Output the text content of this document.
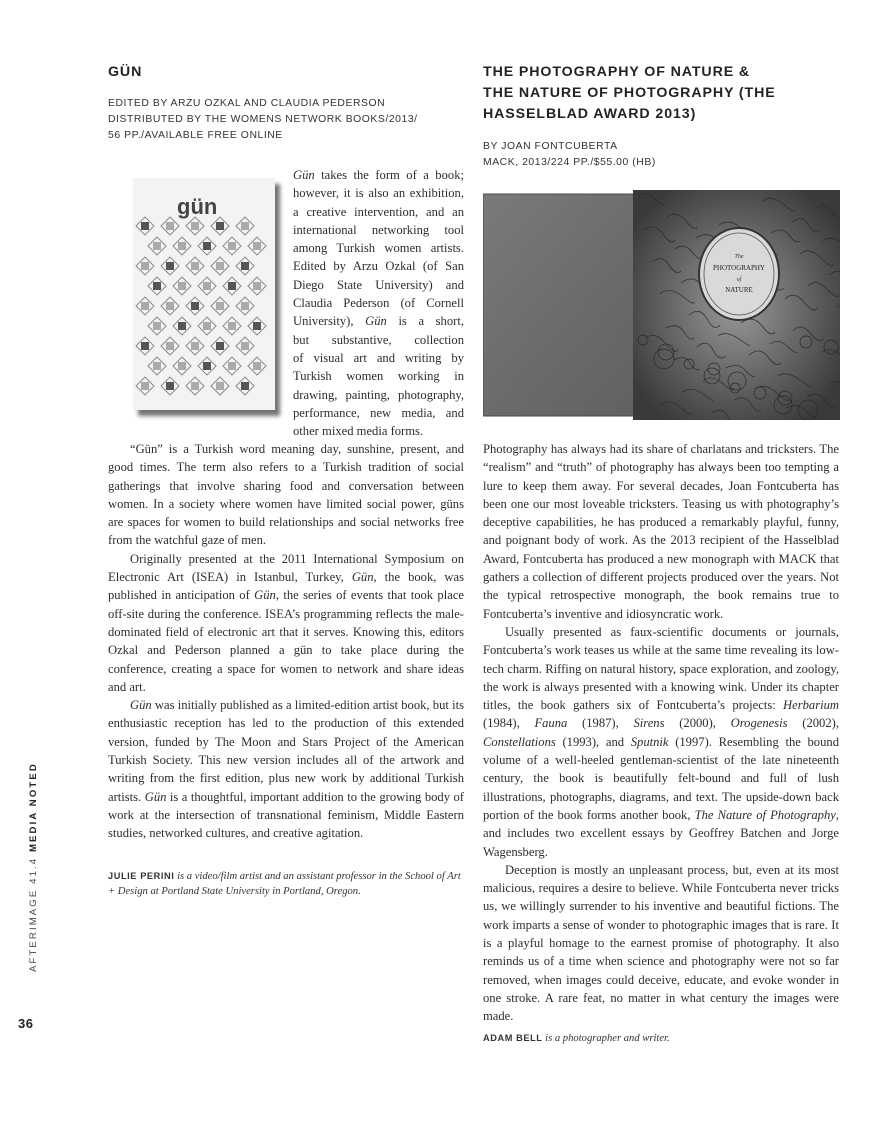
AFTERIMAGE 41.4 MEDIA NOTED
36
GÜN
EDITED BY ARZU OZKAL AND CLAUDIA PEDERSON
DISTRIBUTED BY THE WOMENS NETWORK BOOKS/2013/
56 PP./AVAILABLE FREE ONLINE
gün
Gün takes the form of a book;
however, it is also an exhibition,
a creative intervention, and an
international networking tool
among Turkish women artists.
Edited by Arzu Ozkal (of San
Diego State University) and
Claudia Pederson (of Cornell
University), Gün is a short,
but substantive, collection
of visual art and writing by
Turkish women working in
drawing, painting, photography,
performance, new media, and
other mixed media forms.

“Gün” is a Turkish word meaning day, sunshine, present, and good times. The term also refers to a Turkish tradition of social gatherings that involve sharing food and conversation between women. In a society where women have limited social power, güns are spaces for women to build relationships and social networks free from the watchful gaze of men.

Originally presented at the 2011 International Symposium on Electronic Art (ISEA) in Istanbul, Turkey, Gün, the book, was published in anticipation of Gün, the series of events that took place off-site during the conference. ISEA’s programming reflects the male-dominated field of electronic art that it serves. Knowing this, editors Ozkal and Pederson planned a gün to take place during the conference, creating a space for women to network and share ideas and art.

Gün was initially published as a limited-edition artist book, but its enthusiastic reception has led to the production of this extended version, funded by The Moon and Stars Project of the American Turkish Society. This new version includes all of the artwork and writing from the first edition, plus new work by additional Turkish artists. Gün is a thoughtful, important addition to the growing body of work at the intersection of transnational feminism, Middle Eastern studies, networked cultures, and creative agitation.

JULIE PERINI is a video/film artist and an assistant professor in the School of Art + Design at Portland State University in Portland, Oregon.
THE PHOTOGRAPHY OF NATURE &
THE NATURE OF PHOTOGRAPHY (THE
HASSELBLAD AWARD 2013)
BY JOAN FONTCUBERTA
MACK, 2013/224 PP./$55.00 (HB)
The
PHOTOGRAPHY
of
NATURE

Photography has always had its share of charlatans and tricksters. The “realism” and “truth” of photography has always been too tempting a lure to keep them away. For several decades, Joan Fontcuberta has been one our most loveable tricksters. Teasing us with photography’s deceptive capabilities, he has produced a remarkably playful, funny, and poignant body of work. As the 2013 recipient of the Hasselblad Award, Fontcuberta has produced a new monograph with MACK that gathers a collection of different projects produced over the years. Not the typical retrospective monograph, the book remains true to Fontcuberta’s inventive and idiosyncratic work.

Usually presented as faux-scientific documents or journals, Fontcuberta’s work teases us while at the same time revealing its low-tech charm. Riffing on natural history, space exploration, and zoology, the work is always presented with a knowing wink. Under its chapter titles, the book gathers six of Fontcuberta’s projects: Herbarium (1984), Fauna (1987), Sirens (2000), Orogenesis (2002), Constellations (1993), and Sputnik (1997). Resembling the bound volume of a well-heeled gentleman-scientist of the late nineteenth century, the book is beautifully felt-bound and full of lush illustrations, photographs, diagrams, and text. The upside-down back portion of the book forms another book, The Nature of Photography, and includes two excellent essays by Geoffrey Batchen and Jorge Wagensberg.

Deception is mostly an unpleasant process, but, even at its most malicious, requires a desire to believe. While Fontcuberta never tricks us, we willingly surrender to his inventive and beautiful fictions. The work imparts a sense of wonder to photographic images that is rare. It is a playful homage to the earnest promise of photography. It also reminds us of a time when science and photography were not so far removed, when images could deceive, educate, and evoke wonder in one stroke. A rare feat, no matter in what century the images were made.

ADAM BELL is a photographer and writer.
